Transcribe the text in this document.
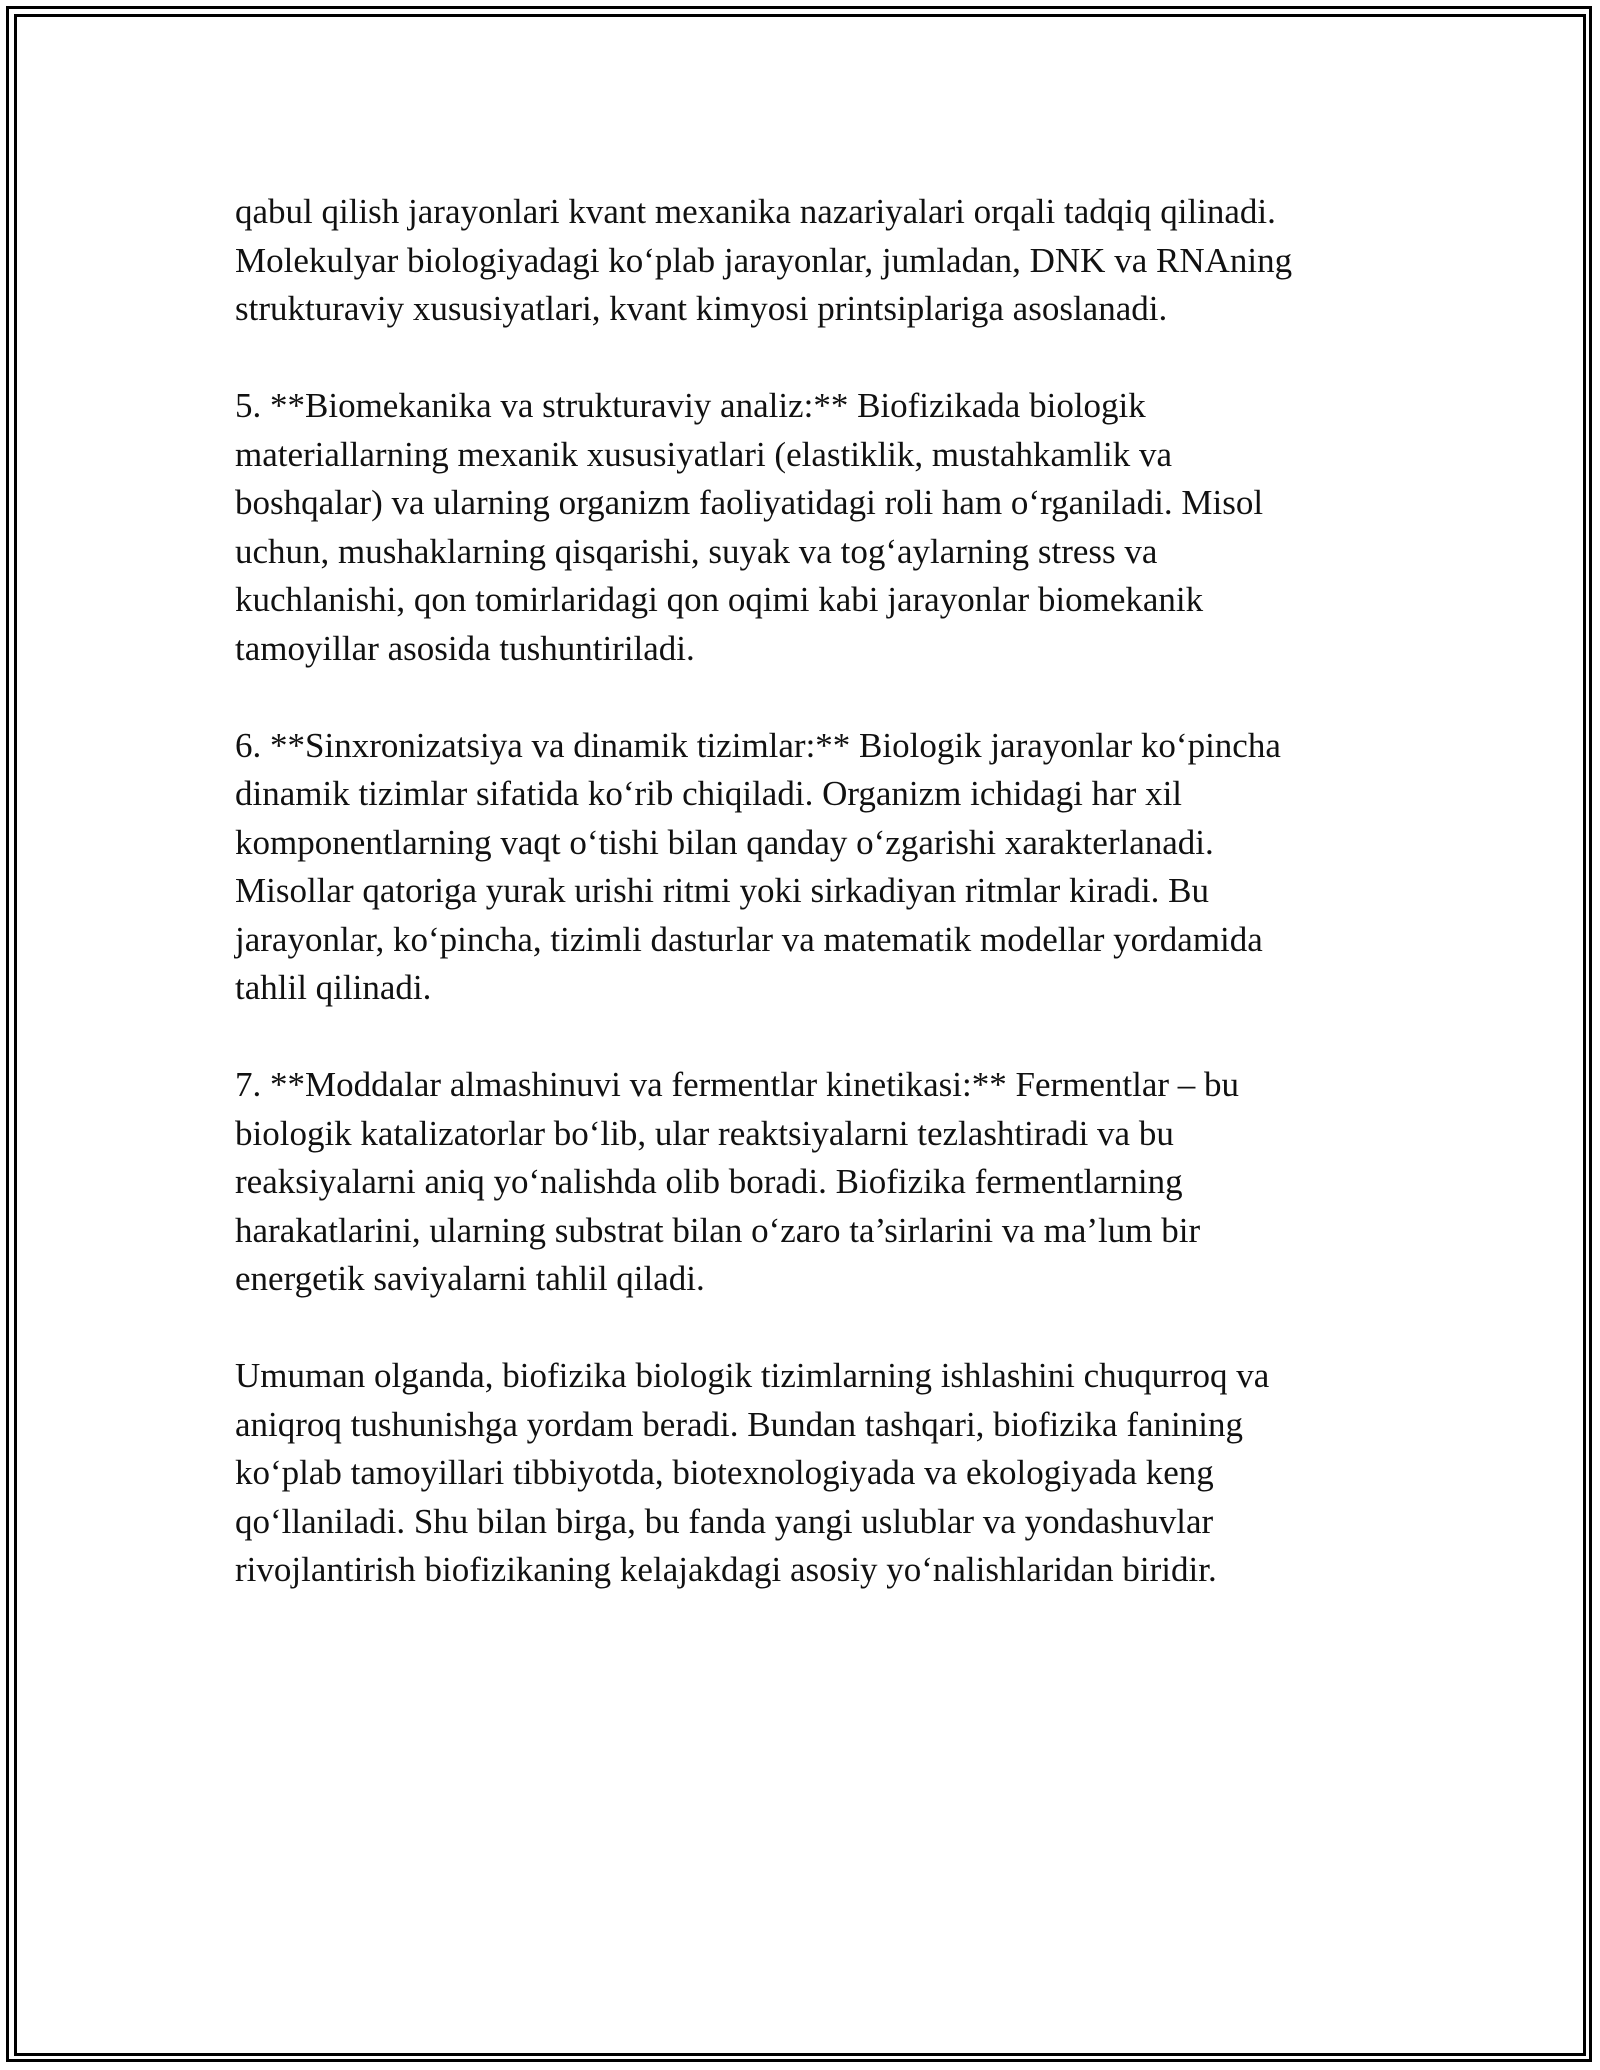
qabul qilish jarayonlari kvant mexanika nazariyalari orqali tadqiq qilinadi.
Molekulyar biologiyadagi ko‘plab jarayonlar, jumladan, DNK va RNAning
strukturaviy xususiyatlari, kvant kimyosi printsiplariga asoslanadi.

5. **Biomekanika va strukturaviy analiz:** Biofizikada biologik
materiallarning mexanik xususiyatlari (elastiklik, mustahkamlik va
boshqalar) va ularning organizm faoliyatidagi roli ham o‘rganiladi. Misol
uchun, mushaklarning qisqarishi, suyak va tog‘aylarning stress va
kuchlanishi, qon tomirlaridagi qon oqimi kabi jarayonlar biomekanik
tamoyillar asosida tushuntiriladi.

6. **Sinxronizatsiya va dinamik tizimlar:** Biologik jarayonlar ko‘pincha
dinamik tizimlar sifatida ko‘rib chiqiladi. Organizm ichidagi har xil
komponentlarning vaqt o‘tishi bilan qanday o‘zgarishi xarakterlanadi.
Misollar qatoriga yurak urishi ritmi yoki sirkadiyan ritmlar kiradi. Bu
jarayonlar, ko‘pincha, tizimli dasturlar va matematik modellar yordamida
tahlil qilinadi.

7. **Moddalar almashinuvi va fermentlar kinetikasi:** Fermentlar – bu
biologik katalizatorlar bo‘lib, ular reaktsiyalarni tezlashtiradi va bu
reaksiyalarni aniq yo‘nalishda olib boradi. Biofizika fermentlarning
harakatlarini, ularning substrat bilan o‘zaro ta’sirlarini va ma’lum bir
energetik saviyalarni tahlil qiladi.

Umuman olganda, biofizika biologik tizimlarning ishlashini chuqurroq va
aniqroq tushunishga yordam beradi. Bundan tashqari, biofizika fanining
ko‘plab tamoyillari tibbiyotda, biotexnologiyada va ekologiyada keng
qo‘llaniladi. Shu bilan birga, bu fanda yangi uslublar va yondashuvlar
rivojlantirish biofizikaning kelajakdagi asosiy yo‘nalishlaridan biridir.
